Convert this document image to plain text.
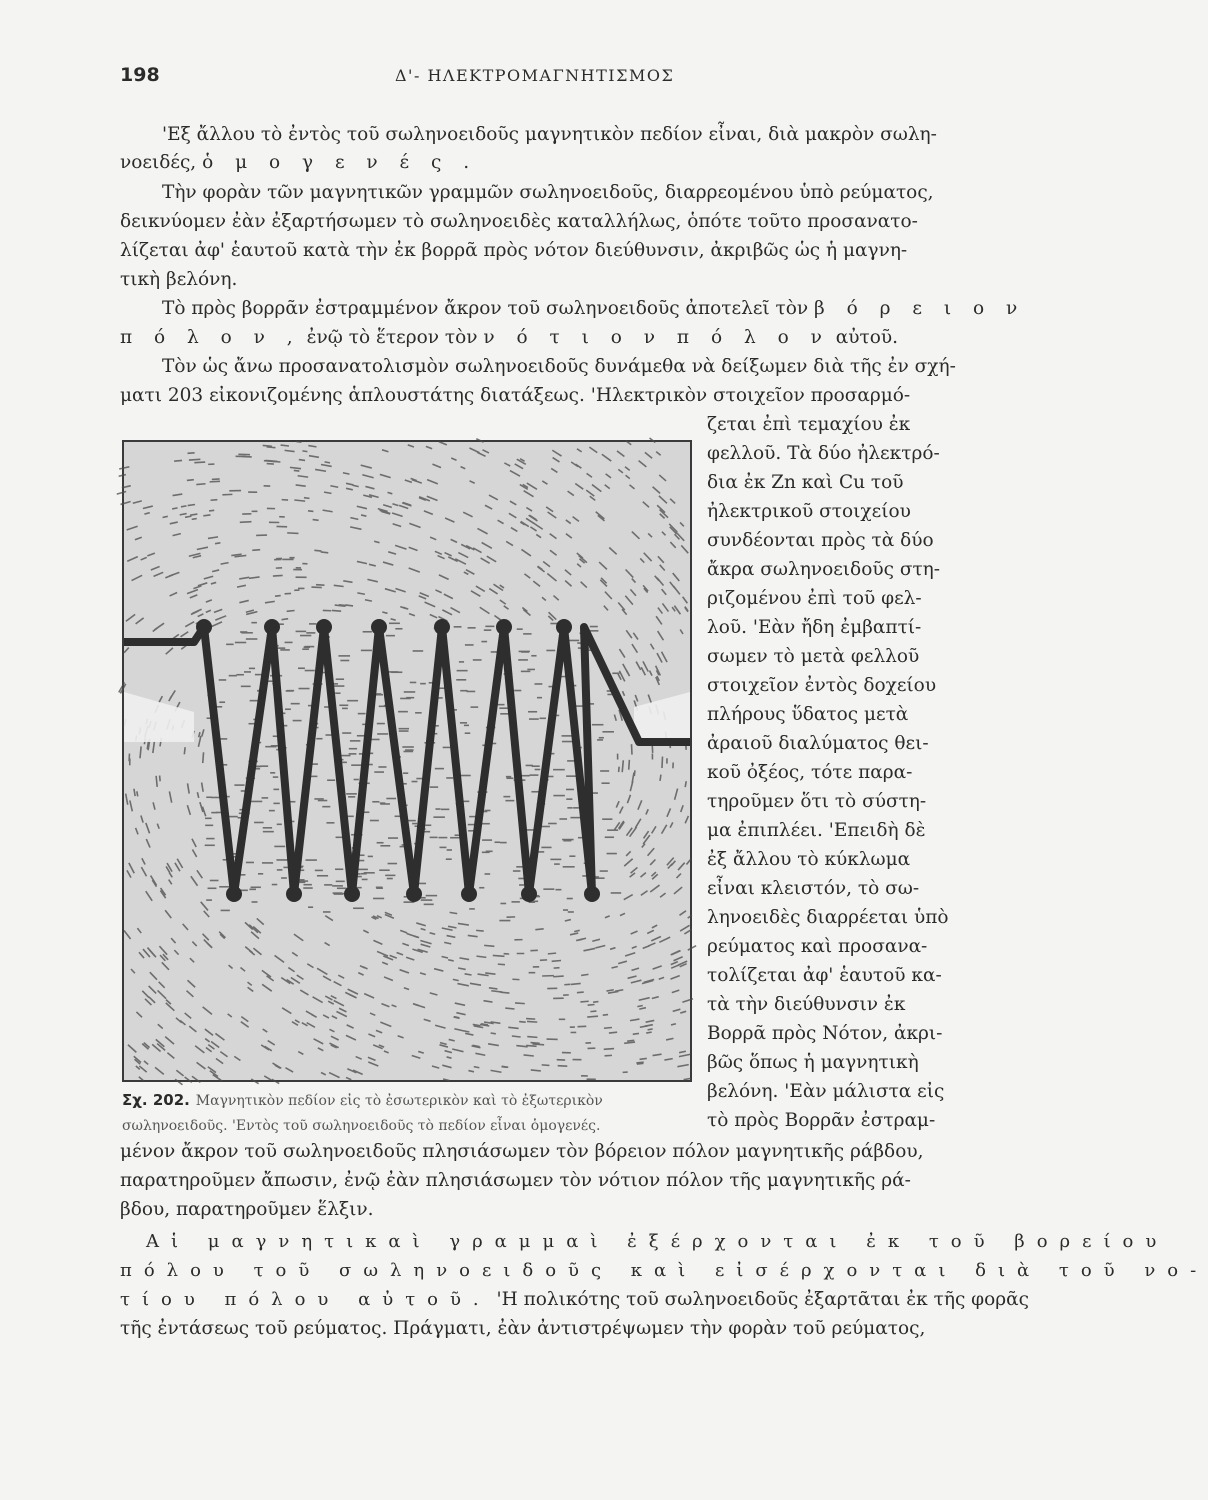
198	Δ'- ΗΛΕΚΤΡΟΜΑΓΝΗΤΙΣΜΟΣ
'Εξ ἄλλου τὸ ἐντὸς τοῦ σωληνοειδοῦς μαγνητικὸν πεδίον εἶναι, διὰ μακρὸν σωλη-
νοειδές, ὁ μ ο γ ε ν έ ς .
Τὴν φορὰν τῶν μαγνητικῶν γραμμῶν σωληνοειδοῦς, διαρρεομένου ὑπὸ ρεύματος,
δεικνύομεν ἐὰν ἐξαρτήσωμεν τὸ σωληνοειδὲς καταλλήλως, ὁπότε τοῦτο προσανατο-
λίζεται ἀφ' ἑαυτοῦ κατὰ τὴν ἐκ βορρᾶ πρὸς νότον διεύθυνσιν, ἀκριβῶς ὡς ἡ μαγνη-
τικὴ βελόνη.
Τὸ πρὸς βορρᾶν ἐστραμμένον ἄκρον τοῦ σωληνοειδοῦς ἀποτελεῖ τὸν β ό ρ ε ι ο ν
π ό λ ο ν , ἐνῷ τὸ ἕτερον τὸν ν ό τ ι ο ν π ό λ ο ν αὐτοῦ.
Τὸν ὡς ἄνω προσανατολισμὸν σωληνοειδοῦς δυνάμεθα νὰ δείξωμεν διὰ τῆς ἐν σχή-
ματι 203 εἰκονιζομένης ἁπλουστάτης διατάξεως. 'Ηλεκτρικὸν στοιχεῖον προσαρμό-
ζεται ἐπὶ τεμαχίου ἐκ
φελλοῦ. Τὰ δύο ἠλεκτρό-
δια ἐκ Zn καὶ Cu τοῦ
ἠλεκτρικοῦ στοιχείου
συνδέονται πρὸς τὰ δύο
ἄκρα σωληνοειδοῦς στη-
ριζομένου ἐπὶ τοῦ φελ-
λοῦ. 'Εὰν ἤδη ἐμβαπτί-
σωμεν τὸ μετὰ φελλοῦ
στοιχεῖον ἐντὸς δοχείου
πλήρους ὕδατος μετὰ
ἀραιοῦ διαλύματος θει-
κοῦ ὀξέος, τότε παρα-
τηροῦμεν ὅτι τὸ σύστη-
μα ἐπιπλέει. 'Επειδὴ δὲ
ἐξ ἄλλου τὸ κύκλωμα
εἶναι κλειστόν, τὸ σω-
ληνοειδὲς διαρρέεται ὑπὸ
ρεύματος καὶ προσανα-
τολίζεται ἀφ' ἑαυτοῦ κα-
τὰ τὴν διεύθυνσιν ἐκ
Βορρᾶ πρὸς Νότον, ἀκρι-
βῶς ὅπως ἡ μαγνητικὴ
βελόνη. 'Εὰν μάλιστα εἰς
τὸ πρὸς Βορρᾶν ἐστραμ-
Σχ. 202. Μαγνητικὸν πεδίον εἰς τὸ ἐσωτερικὸν καὶ τὸ ἐξωτερικὸν
σωληνοειδοῦς. 'Εντὸς τοῦ σωληνοειδοῦς τὸ πεδίον εἶναι ὁμογενές.
μένον ἄκρον τοῦ σωληνοειδοῦς πλησιάσωμεν τὸν βόρειον πόλον μαγνητικῆς ράβδου,
παρατηροῦμεν ἄπωσιν, ἐνῷ ἐὰν πλησιάσωμεν τὸν νότιον πόλον τῆς μαγνητικῆς ρά-
βδου, παρατηροῦμεν ἕλξιν.
Αἱ μαγνητικαὶ γραμμαὶ ἐξέρχονται ἐκ τοῦ βορείου
πόλου τοῦ σωληνοειδοῦς καὶ εἰσέρχονται διὰ τοῦ νο-
τίου πόλου αὐτοῦ. 'Η πολικότης τοῦ σωληνοειδοῦς ἐξαρτᾶται ἐκ τῆς φορᾶς
τῆς ἐντάσεως τοῦ ρεύματος. Πράγματι, ἐὰν ἀντιστρέψωμεν τὴν φορὰν τοῦ ρεύματος,
